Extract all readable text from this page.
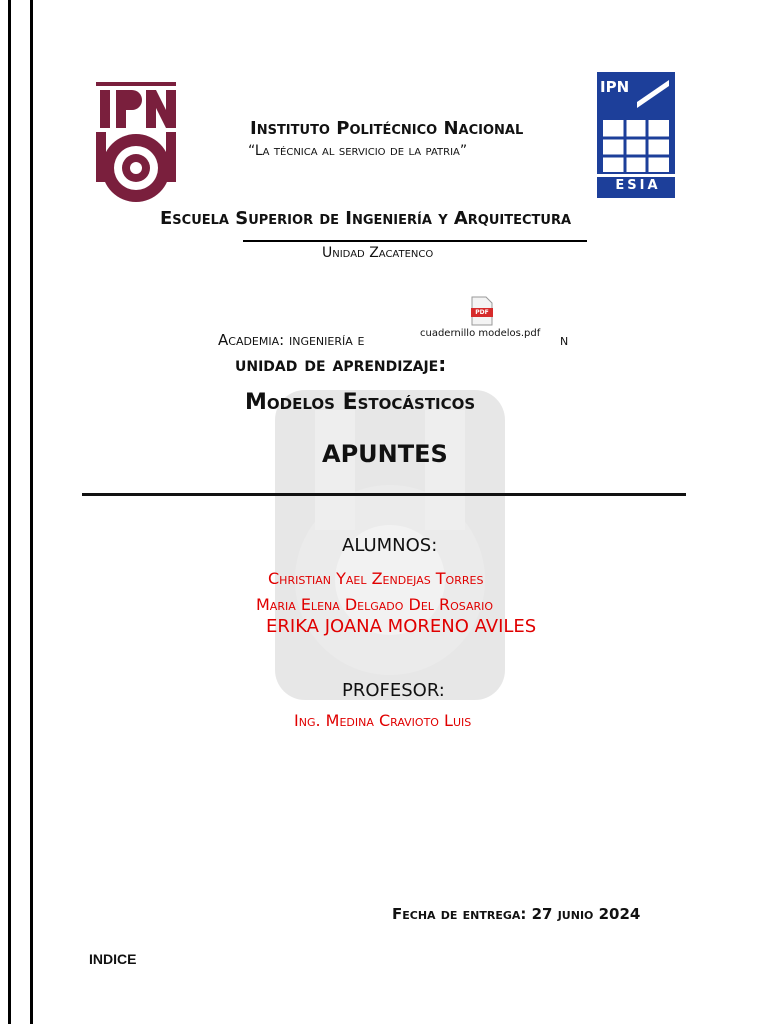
IPN
ESIA
Instituto Politécnico Nacional
“La técnica al servicio de la patria”
Escuela Superior de Ingeniería y Arquitectura
Unidad Zacatenco
PDF
cuadernillo modelos.pdf
Academia: ingeniería e	n
unidad de aprendizaje:
Modelos Estocásticos
APUNTES
ALUMNOS:
Christian Yael Zendejas Torres
Maria Elena Delgado Del Rosario
ERIKA JOANA MORENO AVILES
PROFESOR:
Ing. Medina Cravioto Luis
Fecha de entrega: 27 junio 2024
INDICE
